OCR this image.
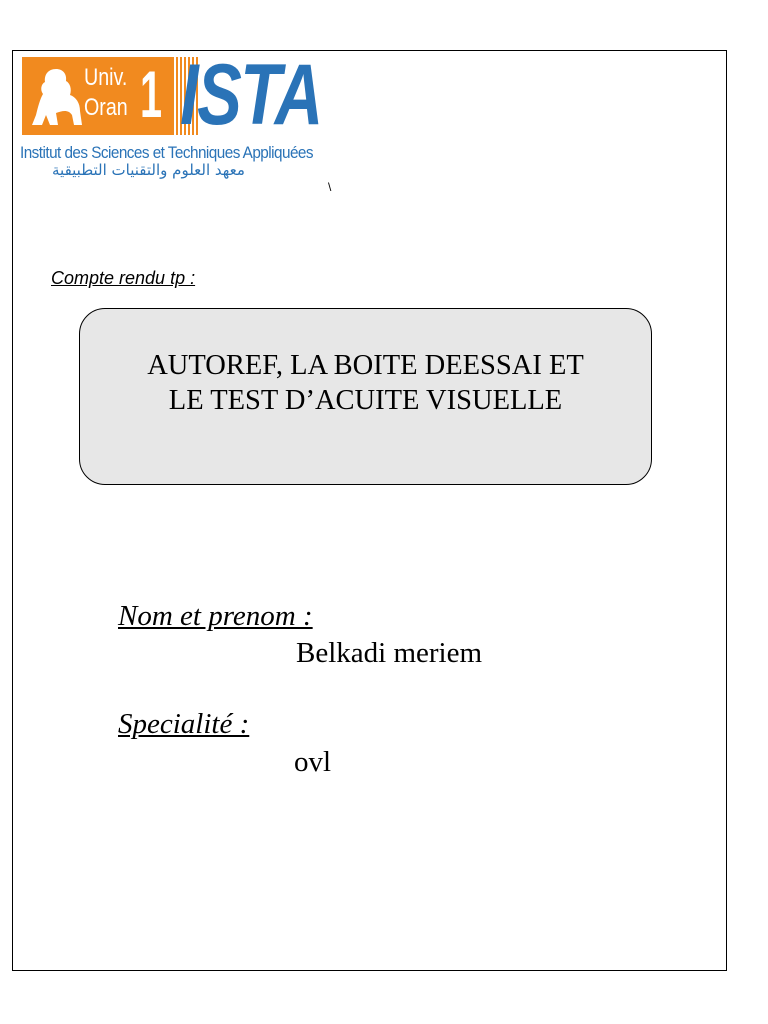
Univ.
Oran 1 ISTA
Institut des Sciences et Techniques Appliquées
معهد العلوم والتقنيات التطبيقية
\
Compte rendu tp :
AUTOREF, LA BOITE DEESSAI ET
LE TEST D’ACUITE VISUELLE
Nom et prenom :
Belkadi meriem
Specialité :
ovl
